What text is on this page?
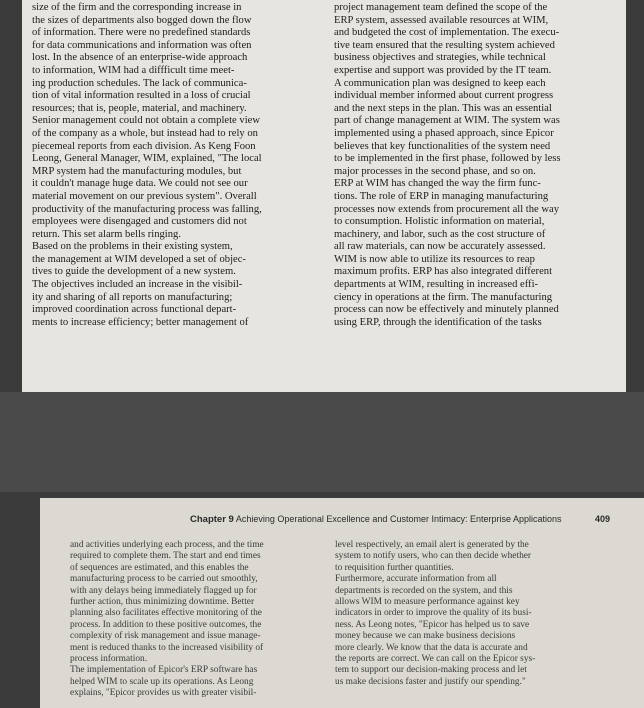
size of the firm and the corresponding increase in
the sizes of departments also bogged down the flow
of information. There were no predefined standards
for data communications and information was often
lost. In the absence of an enterprise-wide approach
to information, WIM had a diffficult time meet-
ing production schedules. The lack of communica-
tion of vital information resulted in a loss of crucial
resources; that is, people, material, and machinery.
Senior management could not obtain a complete view
of the company as a whole, but instead had to rely on
piecemeal reports from each division. As Keng Foon
Leong, General Manager, WIM, explained, "The local
MRP system had the manufacturing modules, but
it couldn't manage huge data. We could not see our
material movement on our previous system". Overall
productivity of the manufacturing process was falling,
employees were disengaged and customers did not
return. This set alarm bells ringing.
Based on the problems in their existing system,
the management at WIM developed a set of objec-
tives to guide the development of a new system.
The objectives included an increase in the visibil-
ity and sharing of all reports on manufacturing;
improved coordination across functional depart-
ments to increase efficiency; better management of
project management team defined the scope of the
ERP system, assessed available resources at WIM,
and budgeted the cost of implementation. The execu-
tive team ensured that the resulting system achieved
business objectives and strategies, while technical
expertise and support was provided by the IT team.
A communication plan was designed to keep each
individual member informed about current progress
and the next steps in the plan. This was an essential
part of change management at WIM. The system was
implemented using a phased approach, since Epicor
believes that key functionalities of the system need
to be implemented in the first phase, followed by less
major processes in the second phase, and so on.
ERP at WIM has changed the way the firm func-
tions. The role of ERP in managing manufacturing
processes now extends from procurement all the way
to consumption. Holistic information on material,
machinery, and labor, such as the cost structure of
all raw materials, can now be accurately assessed.
WIM is now able to utilize its resources to reap
maximum profits. ERP has also integrated different
departments at WIM, resulting in increased effi-
ciency in operations at the firm. The manufacturing
process can now be effectively and minutely planned
using ERP, through the identification of the tasks
Chapter 9 Achieving Operational Excellence and Customer Intimacy: Enterprise Applications	409
and activities underlying each process, and the time
required to complete them. The start and end times
of sequences are estimated, and this enables the
manufacturing process to be carried out smoothly,
with any delays being immediately flagged up for
further action, thus minimizing downtime. Better
planning also facilitates effective monitoring of the
process. In addition to these positive outcomes, the
complexity of risk management and issue manage-
ment is reduced thanks to the increased visibility of
process information.
The implementation of Epicor's ERP software has
helped WIM to scale up its operations. As Leong
explains, "Epicor provides us with greater visibil-
level respectively, an email alert is generated by the
system to notify users, who can then decide whether
to requisition further quantities.
Furthermore, accurate information from all
departments is recorded on the system, and this
allows WIM to measure performance against key
indicators in order to improve the quality of its busi-
ness. As Leong notes, "Epicor has helped us to save
money because we can make business decisions
more clearly. We know that the data is accurate and
the reports are correct. We can call on the Epicor sys-
tem to support our decision-making process and let
us make decisions faster and justify our spending."
